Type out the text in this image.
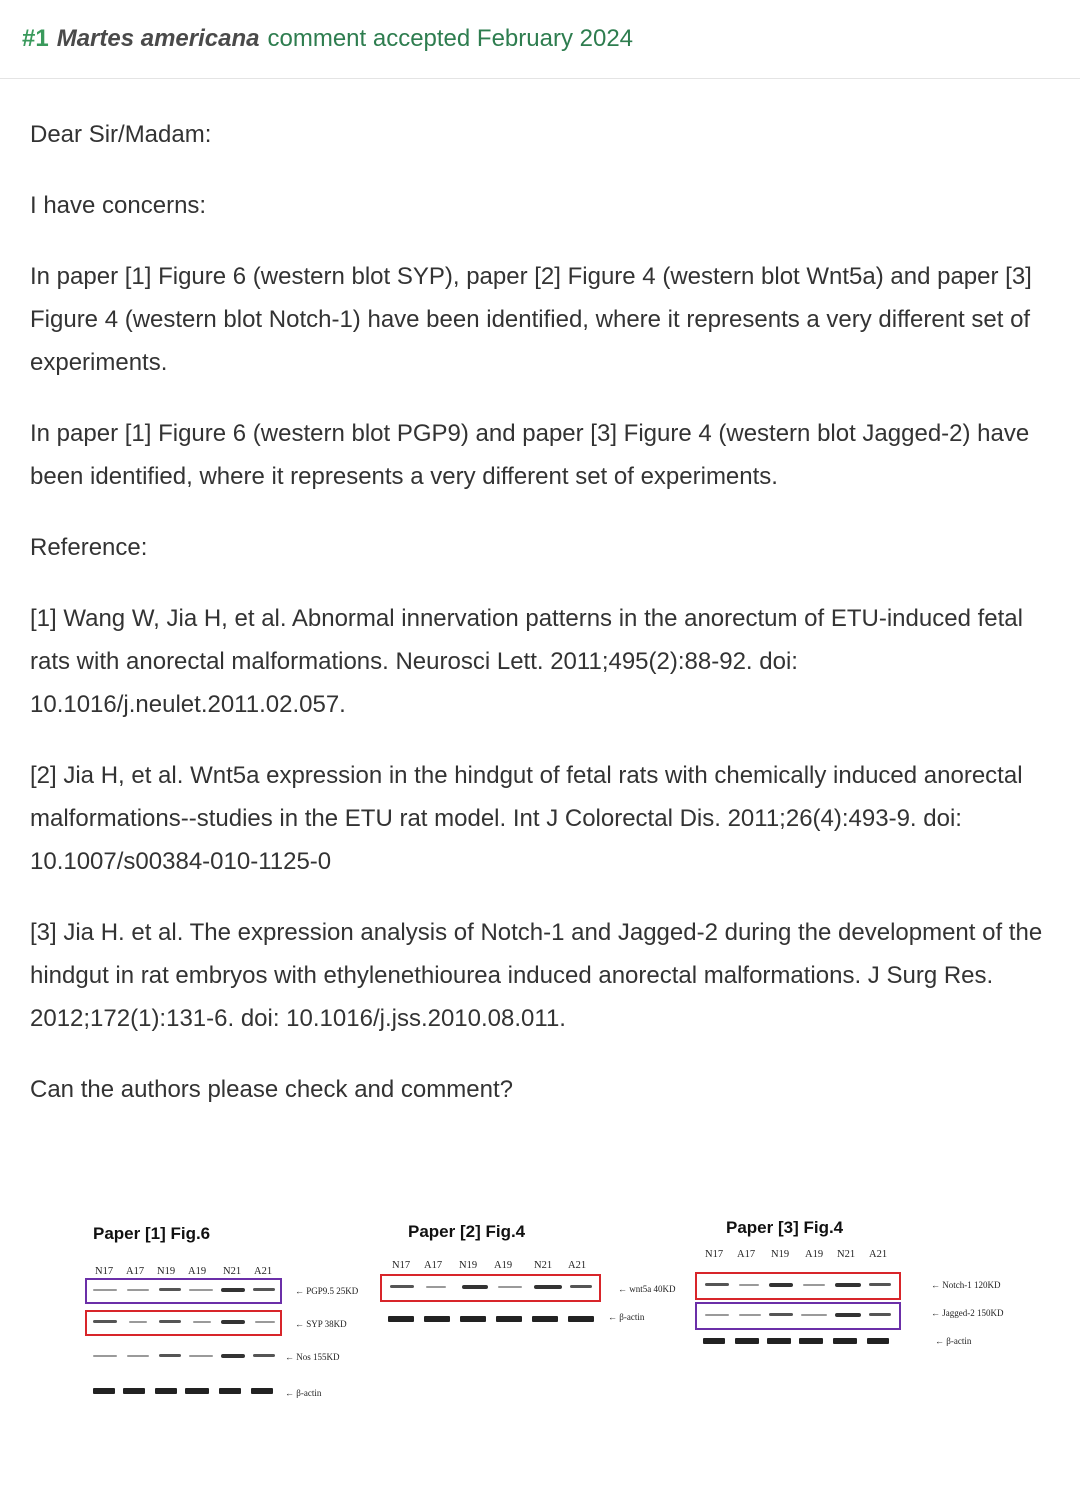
#1 Martes americana comment accepted February 2024

Dear Sir/Madam:

I have concerns:

In paper [1] Figure 6 (western blot SYP), paper [2] Figure 4 (western blot Wnt5a) and paper [3] Figure 4 (western blot Notch-1) have been identified, where it represents a very different set of experiments.

In paper [1] Figure 6 (western blot PGP9) and paper [3] Figure 4 (western blot Jagged-2) have been identified, where it represents a very different set of experiments.

Reference:

[1] Wang W, Jia H, et al. Abnormal innervation patterns in the anorectum of ETU-induced fetal rats with anorectal malformations. Neurosci Lett. 2011;495(2):88-92. doi: 10.1016/j.neulet.2011.02.057.

[2] Jia H, et al. Wnt5a expression in the hindgut of fetal rats with chemically induced anorectal malformations--studies in the ETU rat model. Int J Colorectal Dis. 2011;26(4):493-9. doi: 10.1007/s00384-010-1125-0

[3] Jia H. et al. The expression analysis of Notch-1 and Jagged-2 during the development of the hindgut in rat embryos with ethylenethiourea induced anorectal malformations. J Surg Res. 2012;172(1):131-6. doi: 10.1016/j.jss.2010.08.011.

Can the authors please check and comment?

Paper [1] Fig.6
N17 A17 N19 A19 N21 A21
← PGP9.5 25KD
← SYP 38KD
← Nos 155KD
← β-actin
Paper [2] Fig.4
N17 A17 N19 A19 N21 A21
← wnt5a 40KD
← β-actin
Paper [3] Fig.4
N17 A17 N19 A19 N21 A21
← Notch-1 120KD
← Jagged-2 150KD
← β-actin
